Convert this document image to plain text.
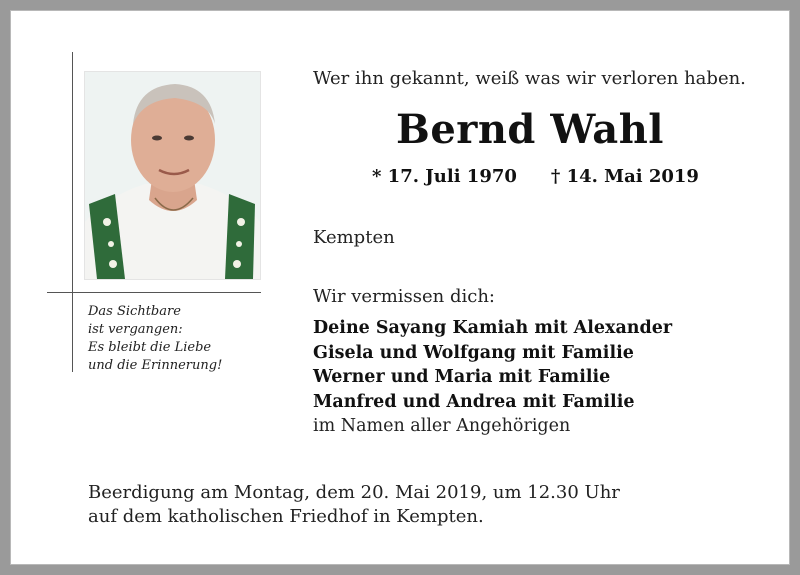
Das Sichtbare
ist vergangen:
Es bleibt die Liebe
und die Erinnerung!
Wer ihn gekannt, weiß was wir verloren haben.
Bernd Wahl
* 17. Juli 1970 † 14. Mai 2019
Kempten
Wir vermissen dich:
Deine Sayang Kamiah mit Alexander
Gisela und Wolfgang mit Familie
Werner und Maria mit Familie
Manfred und Andrea mit Familie
im Namen aller Angehörigen
Beerdigung am Montag, dem 20. Mai 2019, um 12.30 Uhr
auf dem katholischen Friedhof in Kempten.
